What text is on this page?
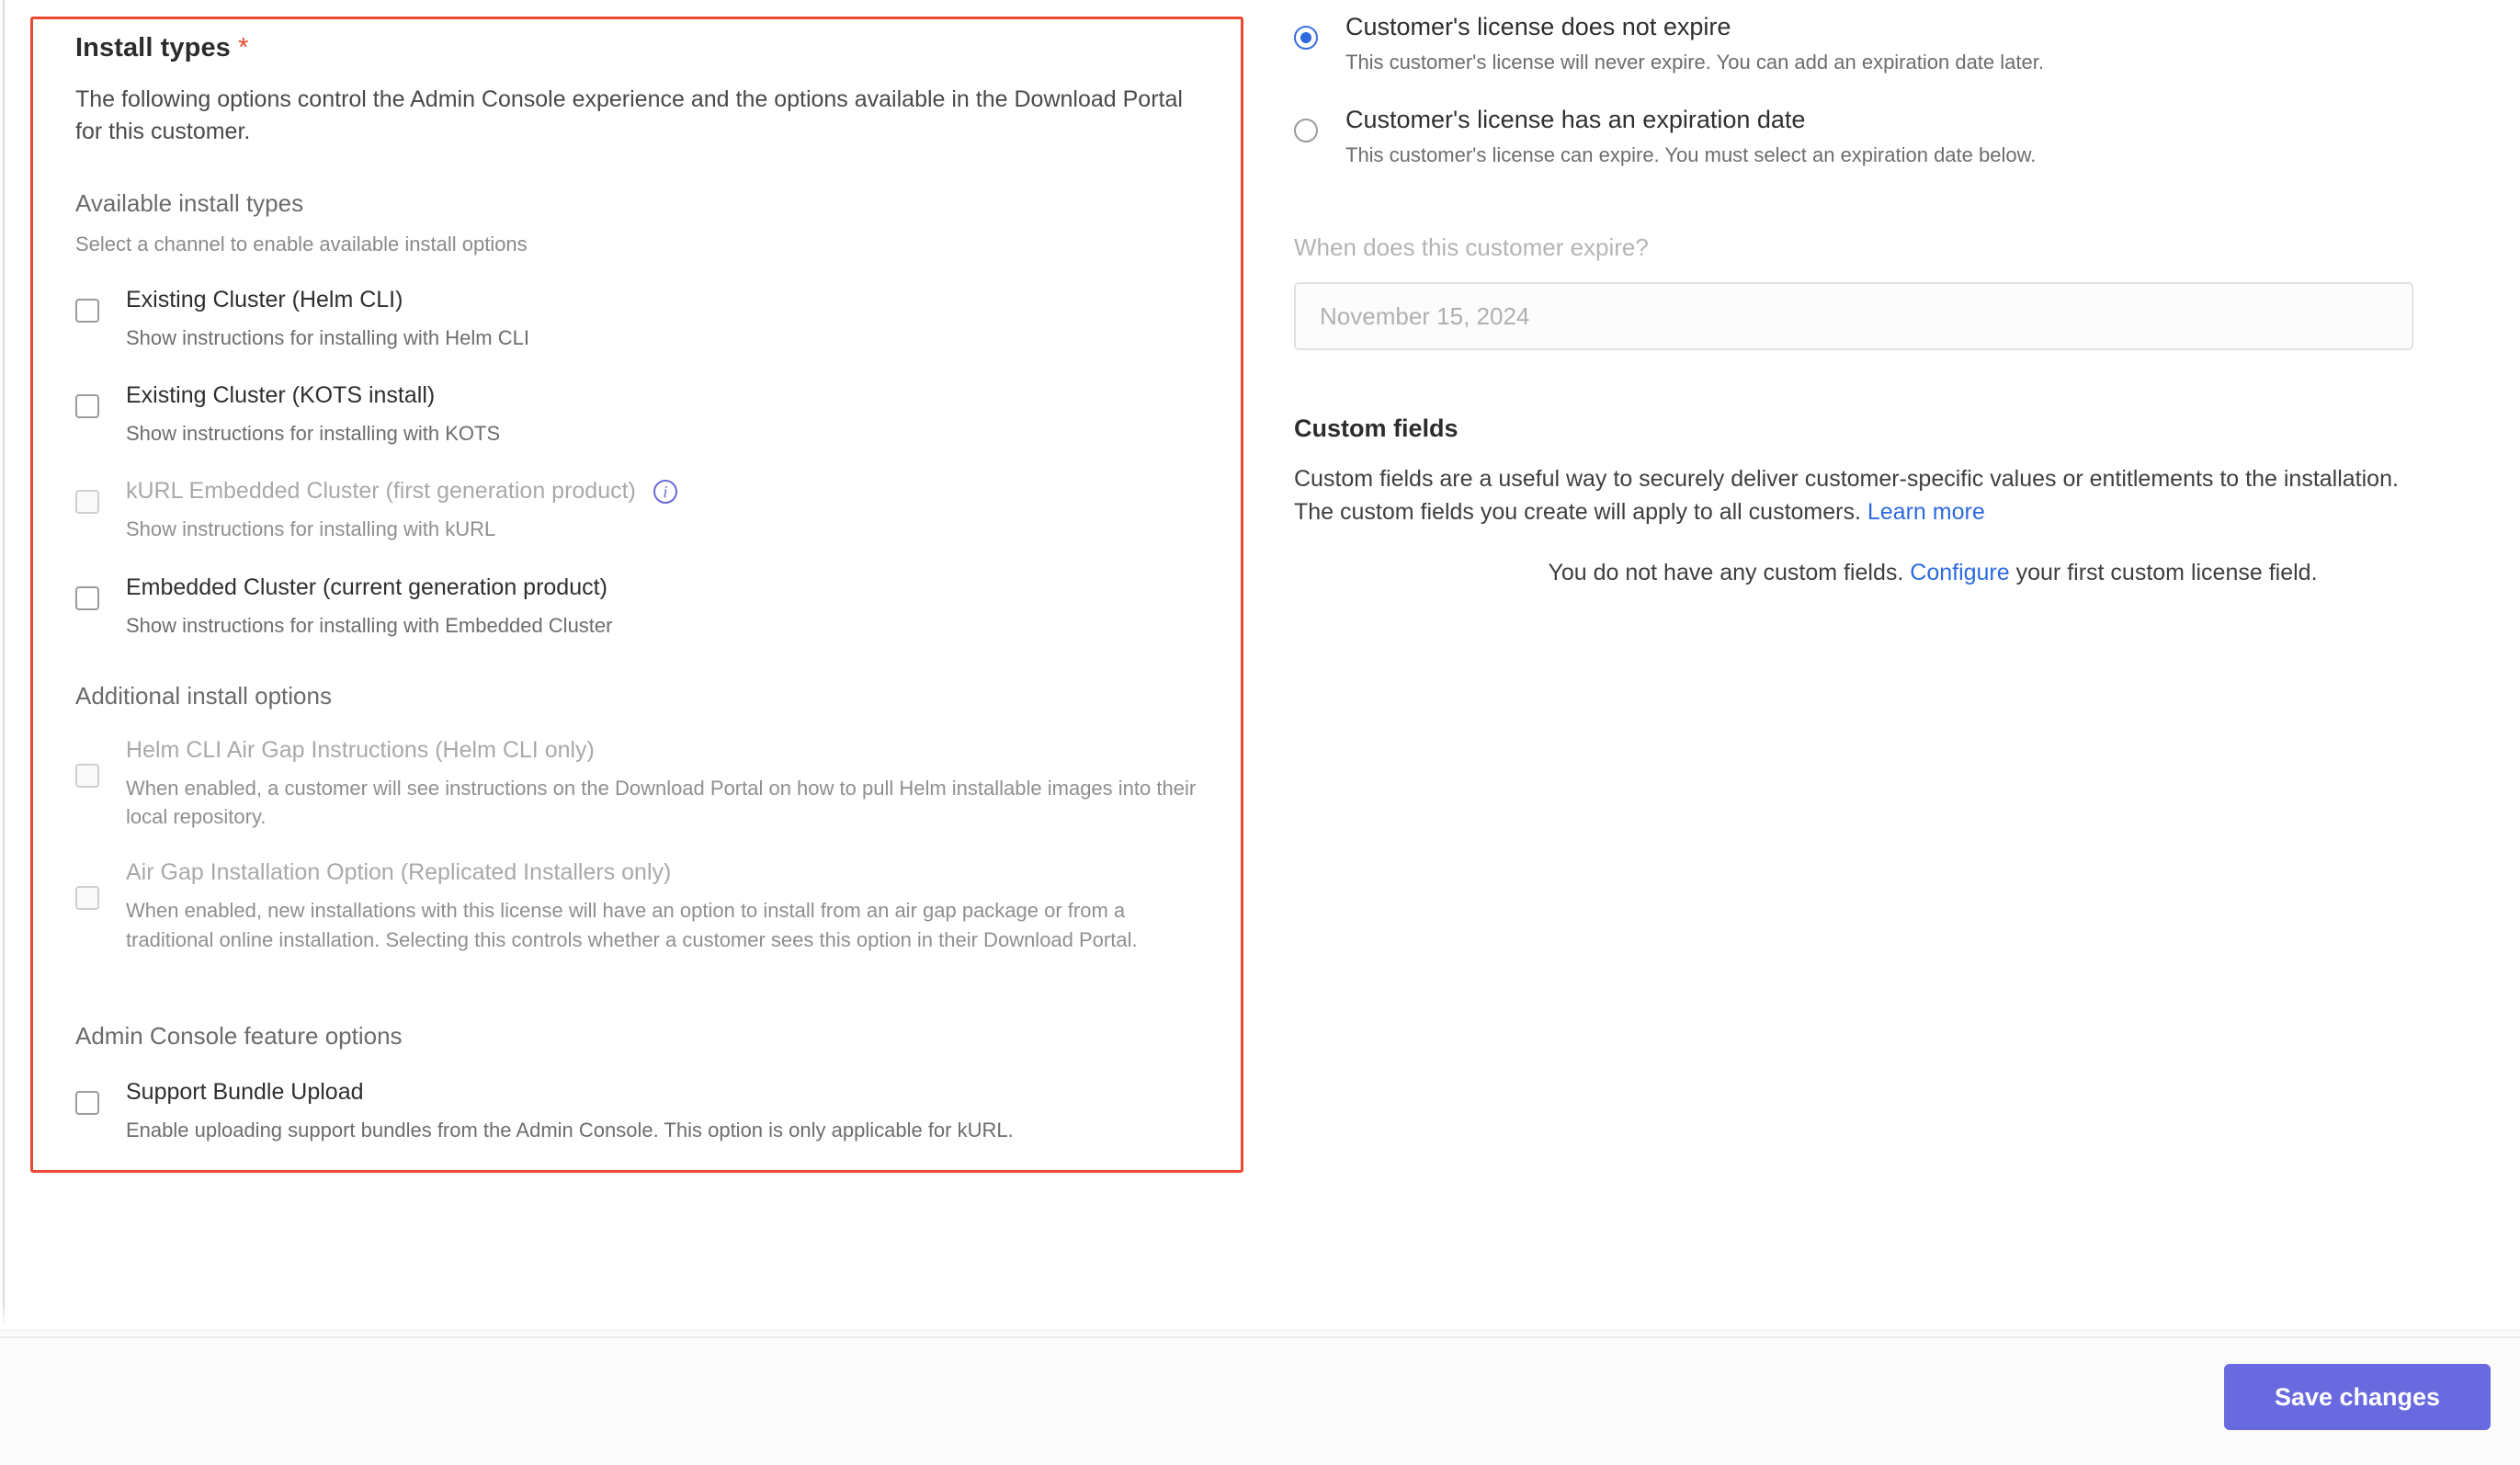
Install types *

The following options control the Admin Console experience and the options available in the Download Portal for this customer.

Available install types
Select a channel to enable available install options
Existing Cluster (Helm CLI)
Show instructions for installing with Helm CLI
Existing Cluster (KOTS install)
Show instructions for installing with KOTS
kURL Embedded Cluster (first generation product) i
Show instructions for installing with kURL
Embedded Cluster (current generation product)
Show instructions for installing with Embedded Cluster
Additional install options
Helm CLI Air Gap Instructions (Helm CLI only)
When enabled, a customer will see instructions on the Download Portal on how to pull Helm installable images into their local repository.
Air Gap Installation Option (Replicated Installers only)
When enabled, new installations with this license will have an option to install from an air gap package or from a traditional online installation. Selecting this controls whether a customer sees this option in their Download Portal.
Admin Console feature options
Support Bundle Upload
Enable uploading support bundles from the Admin Console. This option is only applicable for kURL.
Customer's license does not expire
This customer's license will never expire. You can add an expiration date later.
Customer's license has an expiration date
This customer's license can expire. You must select an expiration date below.
When does this customer expire?
November 15, 2024
Custom fields
Custom fields are a useful way to securely deliver customer-specific values or entitlements to the installation. The custom fields you create will apply to all customers. Learn more
You do not have any custom fields. Configure your first custom license field.
Save changes
